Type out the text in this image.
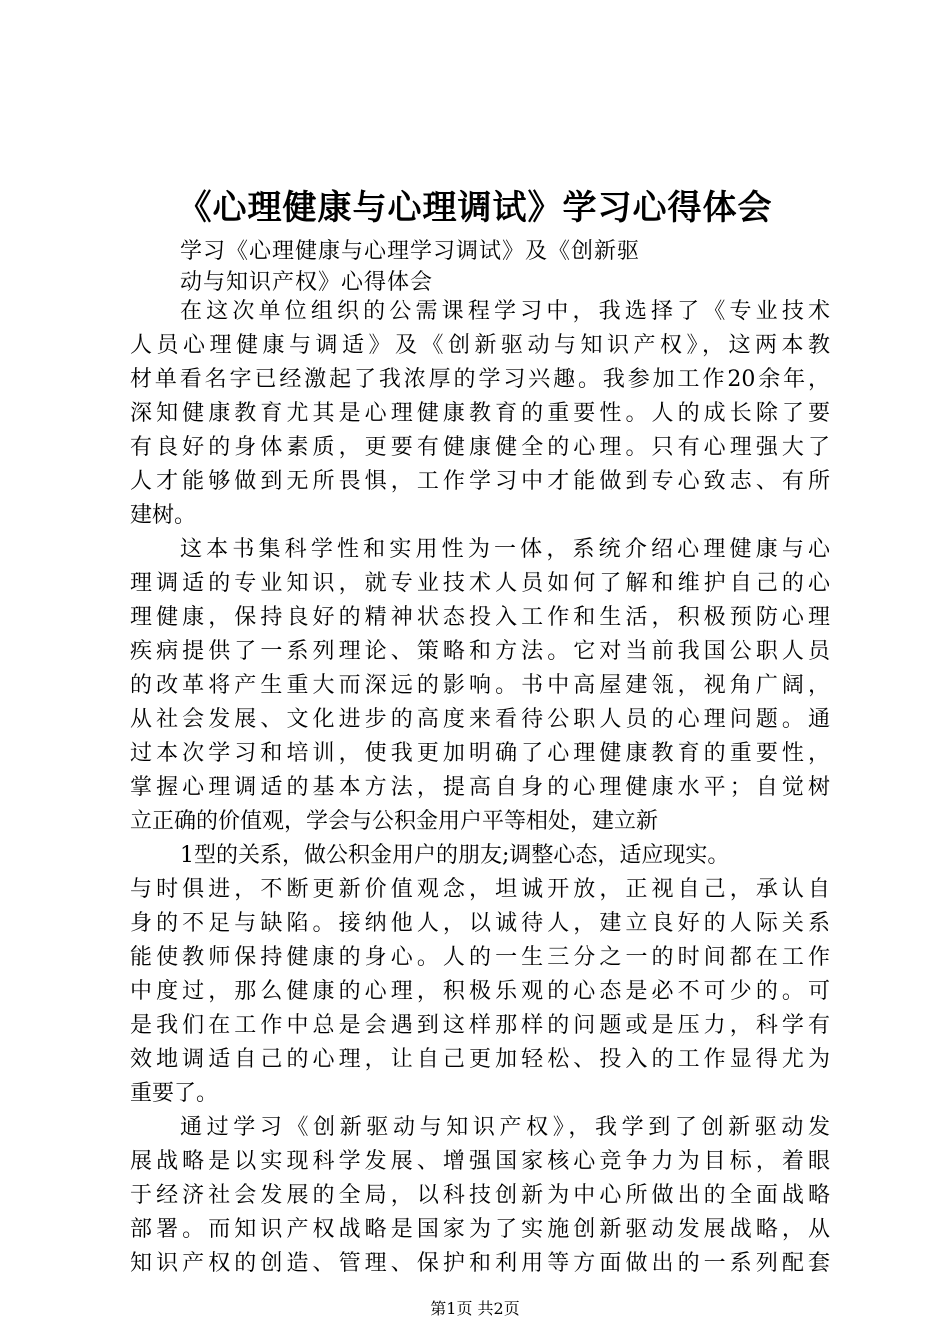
《心理健康与心理调试》学习心得体会
学习《心理健康与心理学习调试》及《创新驱
动与知识产权》心得体会
在这次单位组织的公需课程学习中，我选择了《专业技术
人员心理健康与调适》及《创新驱动与知识产权》，这两本教
材单看名字已经激起了我浓厚的学习兴趣。我参加工作20余年，
深知健康教育尤其是心理健康教育的重要性。人的成长除了要
有良好的身体素质，更要有健康健全的心理。只有心理强大了
人才能够做到无所畏惧，工作学习中才能做到专心致志、有所
建树。
这本书集科学性和实用性为一体，系统介绍心理健康与心
理调适的专业知识，就专业技术人员如何了解和维护自己的心
理健康，保持良好的精神状态投入工作和生活，积极预防心理
疾病提供了一系列理论、策略和方法。它对当前我国公职人员
的改革将产生重大而深远的影响。书中高屋建瓴，视角广阔，
从社会发展、文化进步的高度来看待公职人员的心理问题。通
过本次学习和培训，使我更加明确了心理健康教育的重要性，
掌握心理调适的基本方法，提高自身的心理健康水平；自觉树
立正确的价值观，学会与公积金用户平等相处，建立新
1型的关系，做公积金用户的朋友;调整心态，适应现实。
与时俱进，不断更新价值观念，坦诚开放，正视自己，承认自
身的不足与缺陷。接纳他人，以诚待人，建立良好的人际关系
能使教师保持健康的身心。人的一生三分之一的时间都在工作
中度过，那么健康的心理，积极乐观的心态是必不可少的。可
是我们在工作中总是会遇到这样那样的问题或是压力，科学有
效地调适自己的心理，让自己更加轻松、投入的工作显得尤为
重要了。
通过学习《创新驱动与知识产权》，我学到了创新驱动发
展战略是以实现科学发展、增强国家核心竞争力为目标，着眼
于经济社会发展的全局，以科技创新为中心所做出的全面战略
部署。而知识产权战略是国家为了实施创新驱动发展战略，从
知识产权的创造、管理、保护和利用等方面做出的一系列配套
第1页 共2页
